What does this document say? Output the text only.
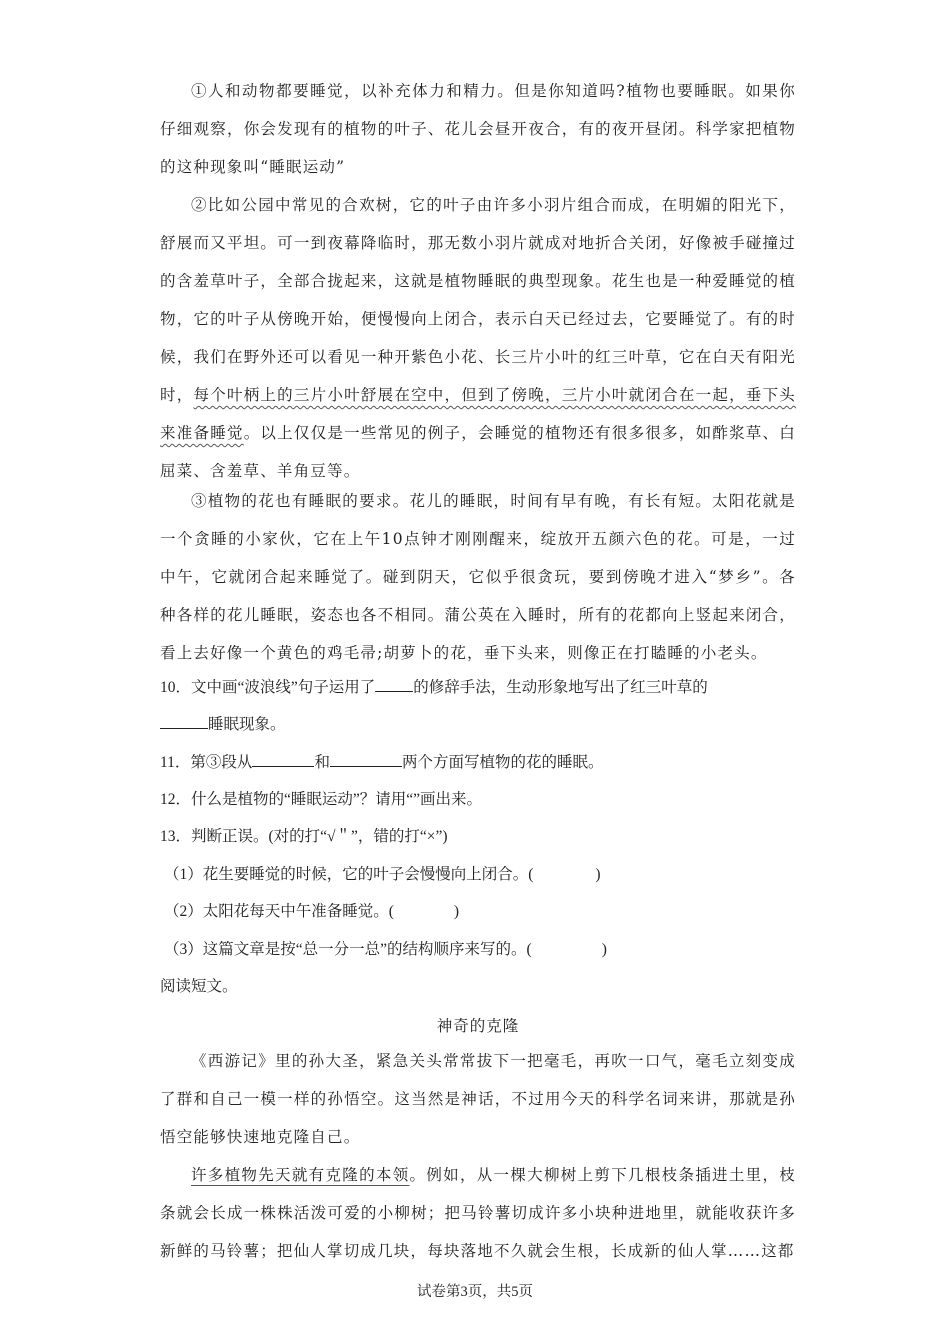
①人和动物都要睡觉，以补充体力和精力。但是你知道吗?植物也要睡眠。如果你仔细观察，你会发现有的植物的叶子、花儿会昼开夜合，有的夜开昼闭。科学家把植物的这种现象叫“睡眠运动”
②比如公园中常见的合欢树，它的叶子由许多小羽片组合而成，在明媚的阳光下，舒展而又平坦。可一到夜幕降临时，那无数小羽片就成对地折合关闭，好像被手碰撞过的含羞草叶子，全部合拢起来，这就是植物睡眠的典型现象。花生也是一种爱睡觉的植物，它的叶子从傍晚开始，便慢慢向上闭合，表示白天已经过去，它要睡觉了。有的时候，我们在野外还可以看见一种开紫色小花、长三片小叶的红三叶草，它在白天有阳光时，每个叶柄上的三片小叶舒展在空中，但到了傍晚，三片小叶就闭合在一起，垂下头来准备睡觉。以上仅仅是一些常见的例子，会睡觉的植物还有很多很多，如酢浆草、白屈菜、含羞草、羊角豆等。
③植物的花也有睡眠的要求。花儿的睡眠，时间有早有晚，有长有短。太阳花就是一个贪睡的小家伙，它在上午10点钟才刚刚醒来，绽放开五颜六色的花。可是，一过中午，它就闭合起来睡觉了。碰到阴天，它似乎很贪玩，要到傍晚才进入“梦乡”。各种各样的花儿睡眠，姿态也各不相同。蒲公英在入睡时，所有的花都向上竖起来闭合，看上去好像一个黄色的鸡毛帚;胡萝卜的花，垂下头来，则像正在打瞌睡的小老头。
10．文中画“波浪线”句子运用了 的修辞手法，生动形象地写出了红三叶草的
睡眠现象。
11．第③段从	和	两个方面写植物的花的睡眠。
12．什么是植物的“睡眠运动”？请用“”画出来。
13．判断正误。(对的打“√＂”，错的打“×”)
（1）花生要睡觉的时候，它的叶子会慢慢向上闭合。(	)
（2）太阳花每天中午准备睡觉。(	)
（3）这篇文章是按“总一分一总”的结构顺序来写的。(	)
阅读短文。
神奇的克隆
《西游记》里的孙大圣，紧急关头常常拔下一把毫毛，再吹一口气，毫毛立刻变成了群和自己一模一样的孙悟空。这当然是神话，不过用今天的科学名词来讲，那就是孙悟空能够快速地克隆自己。
许多植物先天就有克隆的本领。例如，从一棵大柳树上剪下几根枝条插进土里，枝条就会长成一株株活泼可爱的小柳树；把马铃薯切成许多小块种进地里，就能收获许多新鲜的马铃薯；把仙人掌切成几块，每块落地不久就会生根，长成新的仙人掌……这都
试卷第3页，共5页
